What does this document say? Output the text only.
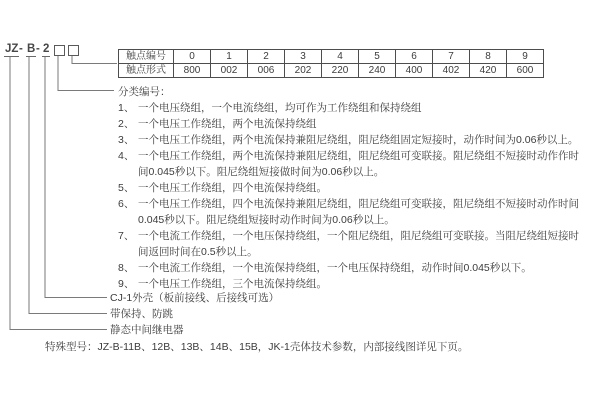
JZ - B - 2
触点编号	0	1	2	3	4	5	6	7	8	9
触点形式	800	002	006	202	220	240	400	402	420	600
分类编号：
1、 一个电压绕组，一个电流绕组，均可作为工作绕组和保持绕组
2、 一个电压工作绕组，两个电流保持绕组
3、 一个电压工作绕组，两个电流保持兼阻尼绕组，阻尼绕组固定短接时，动作时间为0.06秒以上。
4、 一个电压工作绕组，两个电流保持兼阻尼绕组，阻尼绕组可变联接。阻尼绕组不短接时动作作时
间0.045秒以下。阻尼绕组短接做时间为0.06秒以上。
5、 一个电压工作绕组，四个电流保持绕组。
6、 一个电压工作绕组，四个电流保持兼阻尼绕组，阻尼绕组可变联接，阻尼绕组不短接时动作时间
0.045秒以下。阻尼绕组短接时动作时间为0.06秒以上。
7、 一个电流工作绕组，一个电压保持绕组，一个阻尼绕组，阻尼绕组可变联接。当阻尼绕组短接时
间返回时间在0.5秒以上。
8、 一个电流工作绕组，一个电流保持绕组，一个电压保持绕组，动作时间0.045秒以下。
9、 一个电压工作绕组，三个电流保持绕组。
CJ-1外壳（板前接线、后接线可选）
带保持、防跳
静态中间继电器
特殊型号：JZ-B-11B、12B、13B、14B、15B，JK-1壳体技术参数，内部接线图详见下页。
